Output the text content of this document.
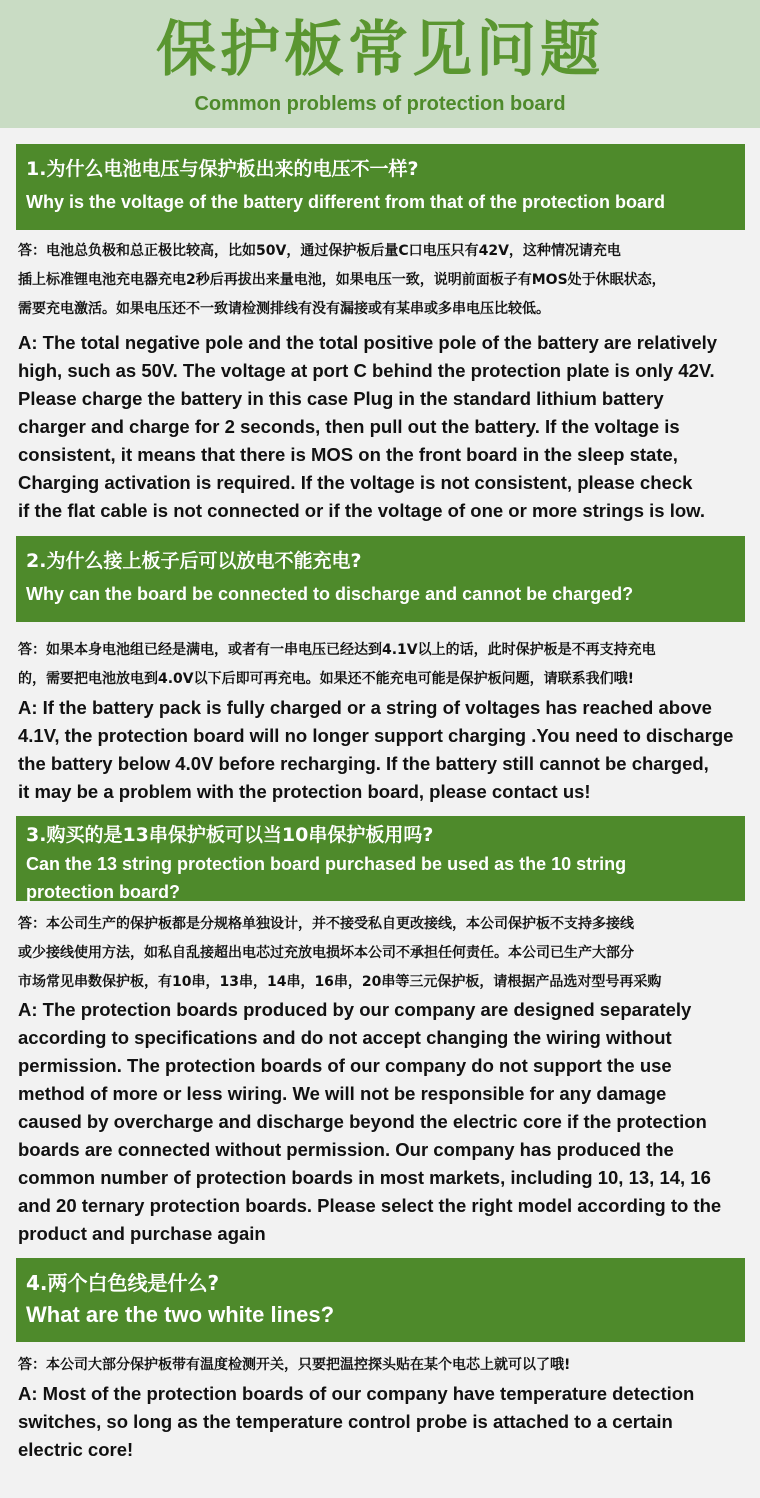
保护板常见问题
Common problems of protection board
1.为什么电池电压与保护板出来的电压不一样?
Why is the voltage of the battery different from that of the protection board
答：电池总负极和总正极比较高，比如50V，通过保护板后量C口电压只有42V，这种情况请充电
插上标准锂电池充电器充电2秒后再拔出来量电池，如果电压一致，说明前面板子有MOS处于休眠状态，
需要充电激活。如果电压还不一致请检测排线有没有漏接或有某串或多串电压比较低。
A: The total negative pole and the total positive pole of the battery are relatively
high, such as 50V. The voltage at port C behind the protection plate is only 42V.
Please charge the battery in this case Plug in the standard lithium battery
charger and charge for 2 seconds, then pull out the battery. If the voltage is
consistent, it means that there is MOS on the front board in the sleep state,
Charging activation is required. If the voltage is not consistent, please check
if the flat cable is not connected or if the voltage of one or more strings is low.
2.为什么接上板子后可以放电不能充电?
Why can the board be connected to discharge and cannot be charged?
答：如果本身电池组已经是满电，或者有一串电压已经达到4.1V以上的话，此时保护板是不再支持充电
的，需要把电池放电到4.0V以下后即可再充电。如果还不能充电可能是保护板问题，请联系我们哦!
A: If the battery pack is fully charged or a string of voltages has reached above
4.1V, the protection board will no longer support charging .You need to discharge
the battery below 4.0V before recharging. If the battery still cannot be charged,
it may be a problem with the protection board, please contact us!
3.购买的是13串保护板可以当10串保护板用吗?
Can the 13 string protection board purchased be used as the 10 string
protection board?
答：本公司生产的保护板都是分规格单独设计，并不接受私自更改接线，本公司保护板不支持多接线
或少接线使用方法，如私自乱接超出电芯过充放电损坏本公司不承担任何责任。本公司已生产大部分
市场常见串数保护板，有10串，13串，14串，16串，20串等三元保护板，请根据产品选对型号再采购
A: The protection boards produced by our company are designed separately
according to specifications and do not accept changing the wiring without
permission. The protection boards of our company do not support the use
method of more or less wiring. We will not be responsible for any damage
caused by overcharge and discharge beyond the electric core if the protection
boards are connected without permission. Our company has produced the
common number of protection boards in most markets, including 10, 13, 14, 16
and 20 ternary protection boards. Please select the right model according to the
product and purchase again
4.两个白色线是什么?
What are the two white lines?
答：本公司大部分保护板带有温度检测开关，只要把温控探头贴在某个电芯上就可以了哦!
A: Most of the protection boards of our company have temperature detection
switches, so long as the temperature control probe is attached to a certain
electric core!
